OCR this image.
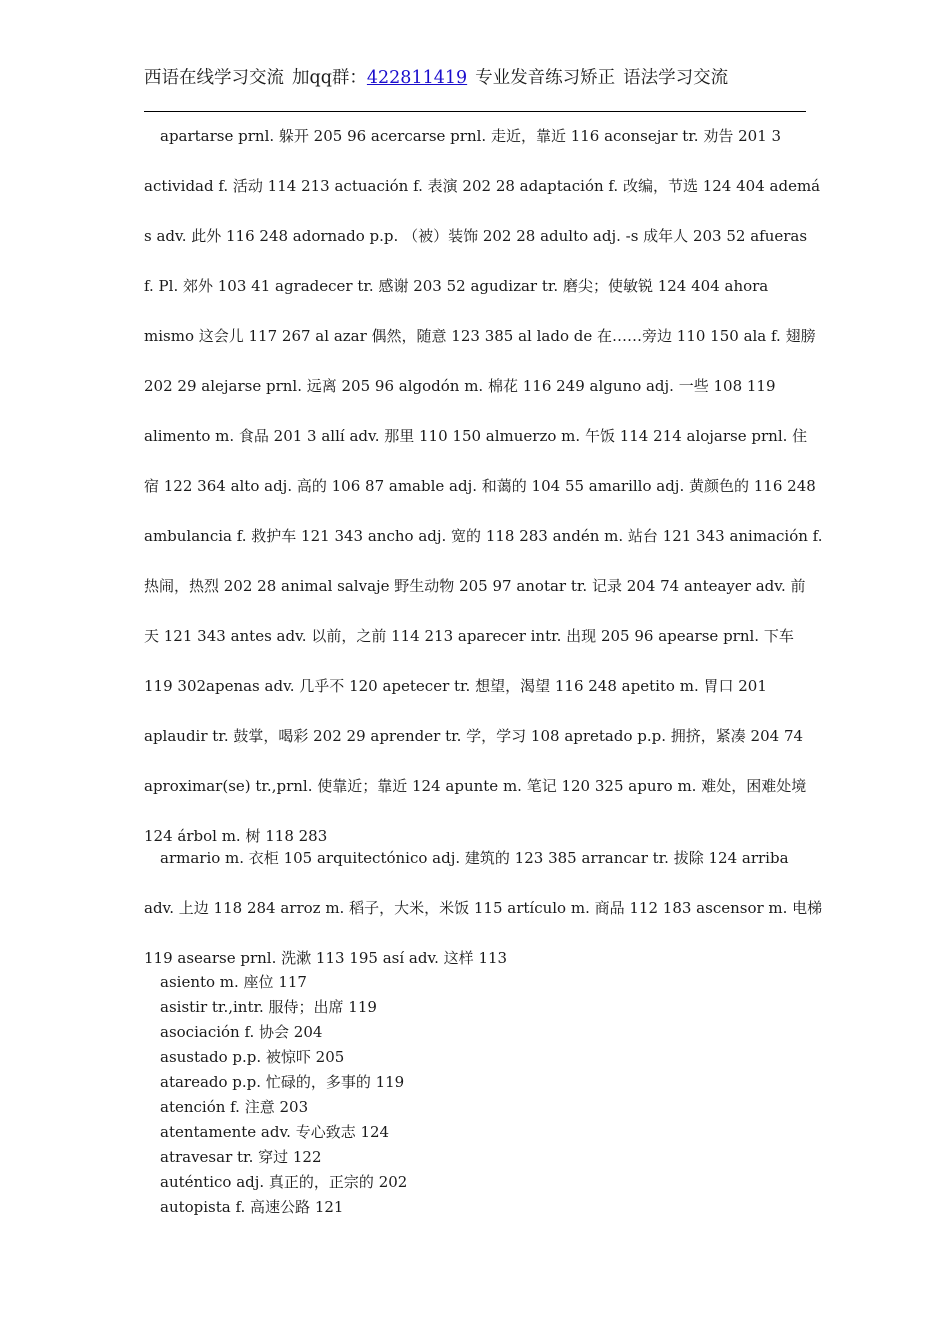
西语在线学习交流 加qq群：422811419 专业发音练习矫正 语法学习交流
apartarse prnl. 躲开 205 96 acercarse prnl. 走近，靠近 116 aconsejar tr. 劝告 201 3
actividad f. 活动 114 213 actuación f. 表演 202 28 adaptación f. 改编，节选 124 404 ademá
s adv. 此外 116 248 adornado p.p. （被）装饰 202 28 adulto adj. -s 成年人 203 52 afueras
f. Pl. 郊外 103 41 agradecer tr. 感谢 203 52 agudizar tr. 磨尖；使敏锐 124 404 ahora
mismo 这会儿 117 267 al azar 偶然，随意 123 385 al lado de 在……旁边 110 150 ala f. 翅膀
202 29 alejarse prnl. 远离 205 96 algodón m. 棉花 116 249 alguno adj. 一些 108 119
alimento m. 食品 201 3 allí adv. 那里 110 150 almuerzo m. 午饭 114 214 alojarse prnl. 住
宿 122 364 alto adj. 高的 106 87 amable adj. 和蔼的 104 55 amarillo adj. 黄颜色的 116 248
ambulancia f. 救护车 121 343 ancho adj. 宽的 118 283 andén m. 站台 121 343 animación f.
热闹，热烈 202 28 animal salvaje 野生动物 205 97 anotar tr. 记录 204 74 anteayer adv. 前
天 121 343 antes adv. 以前，之前 114 213 aparecer intr. 出现 205 96 apearse prnl. 下车
119 302apenas adv. 几乎不 120 apetecer tr. 想望，渴望 116 248 apetito m. 胃口 201
aplaudir tr. 鼓掌，喝彩 202 29 aprender tr. 学，学习 108 apretado p.p. 拥挤，紧凑 204 74
aproximar(se) tr.,prnl. 使靠近；靠近 124 apunte m. 笔记 120 325 apuro m. 难处，困难处境
124 árbol m. 树 118 283
armario m. 衣柜 105 arquitectónico adj. 建筑的 123 385 arrancar tr. 拔除 124 arriba
adv. 上边 118 284 arroz m. 稻子，大米，米饭 115 artículo m. 商品 112 183 ascensor m. 电梯
119 asearse prnl. 洗漱 113 195 así adv. 这样 113
asiento m. 座位 117
asistir tr.,intr. 服侍；出席 119
asociación f. 协会 204
asustado p.p. 被惊吓 205
atareado p.p. 忙碌的，多事的 119
atención f. 注意 203
atentamente adv. 专心致志 124
atravesar tr. 穿过 122
auténtico adj. 真正的，正宗的 202
autopista f. 高速公路 121
